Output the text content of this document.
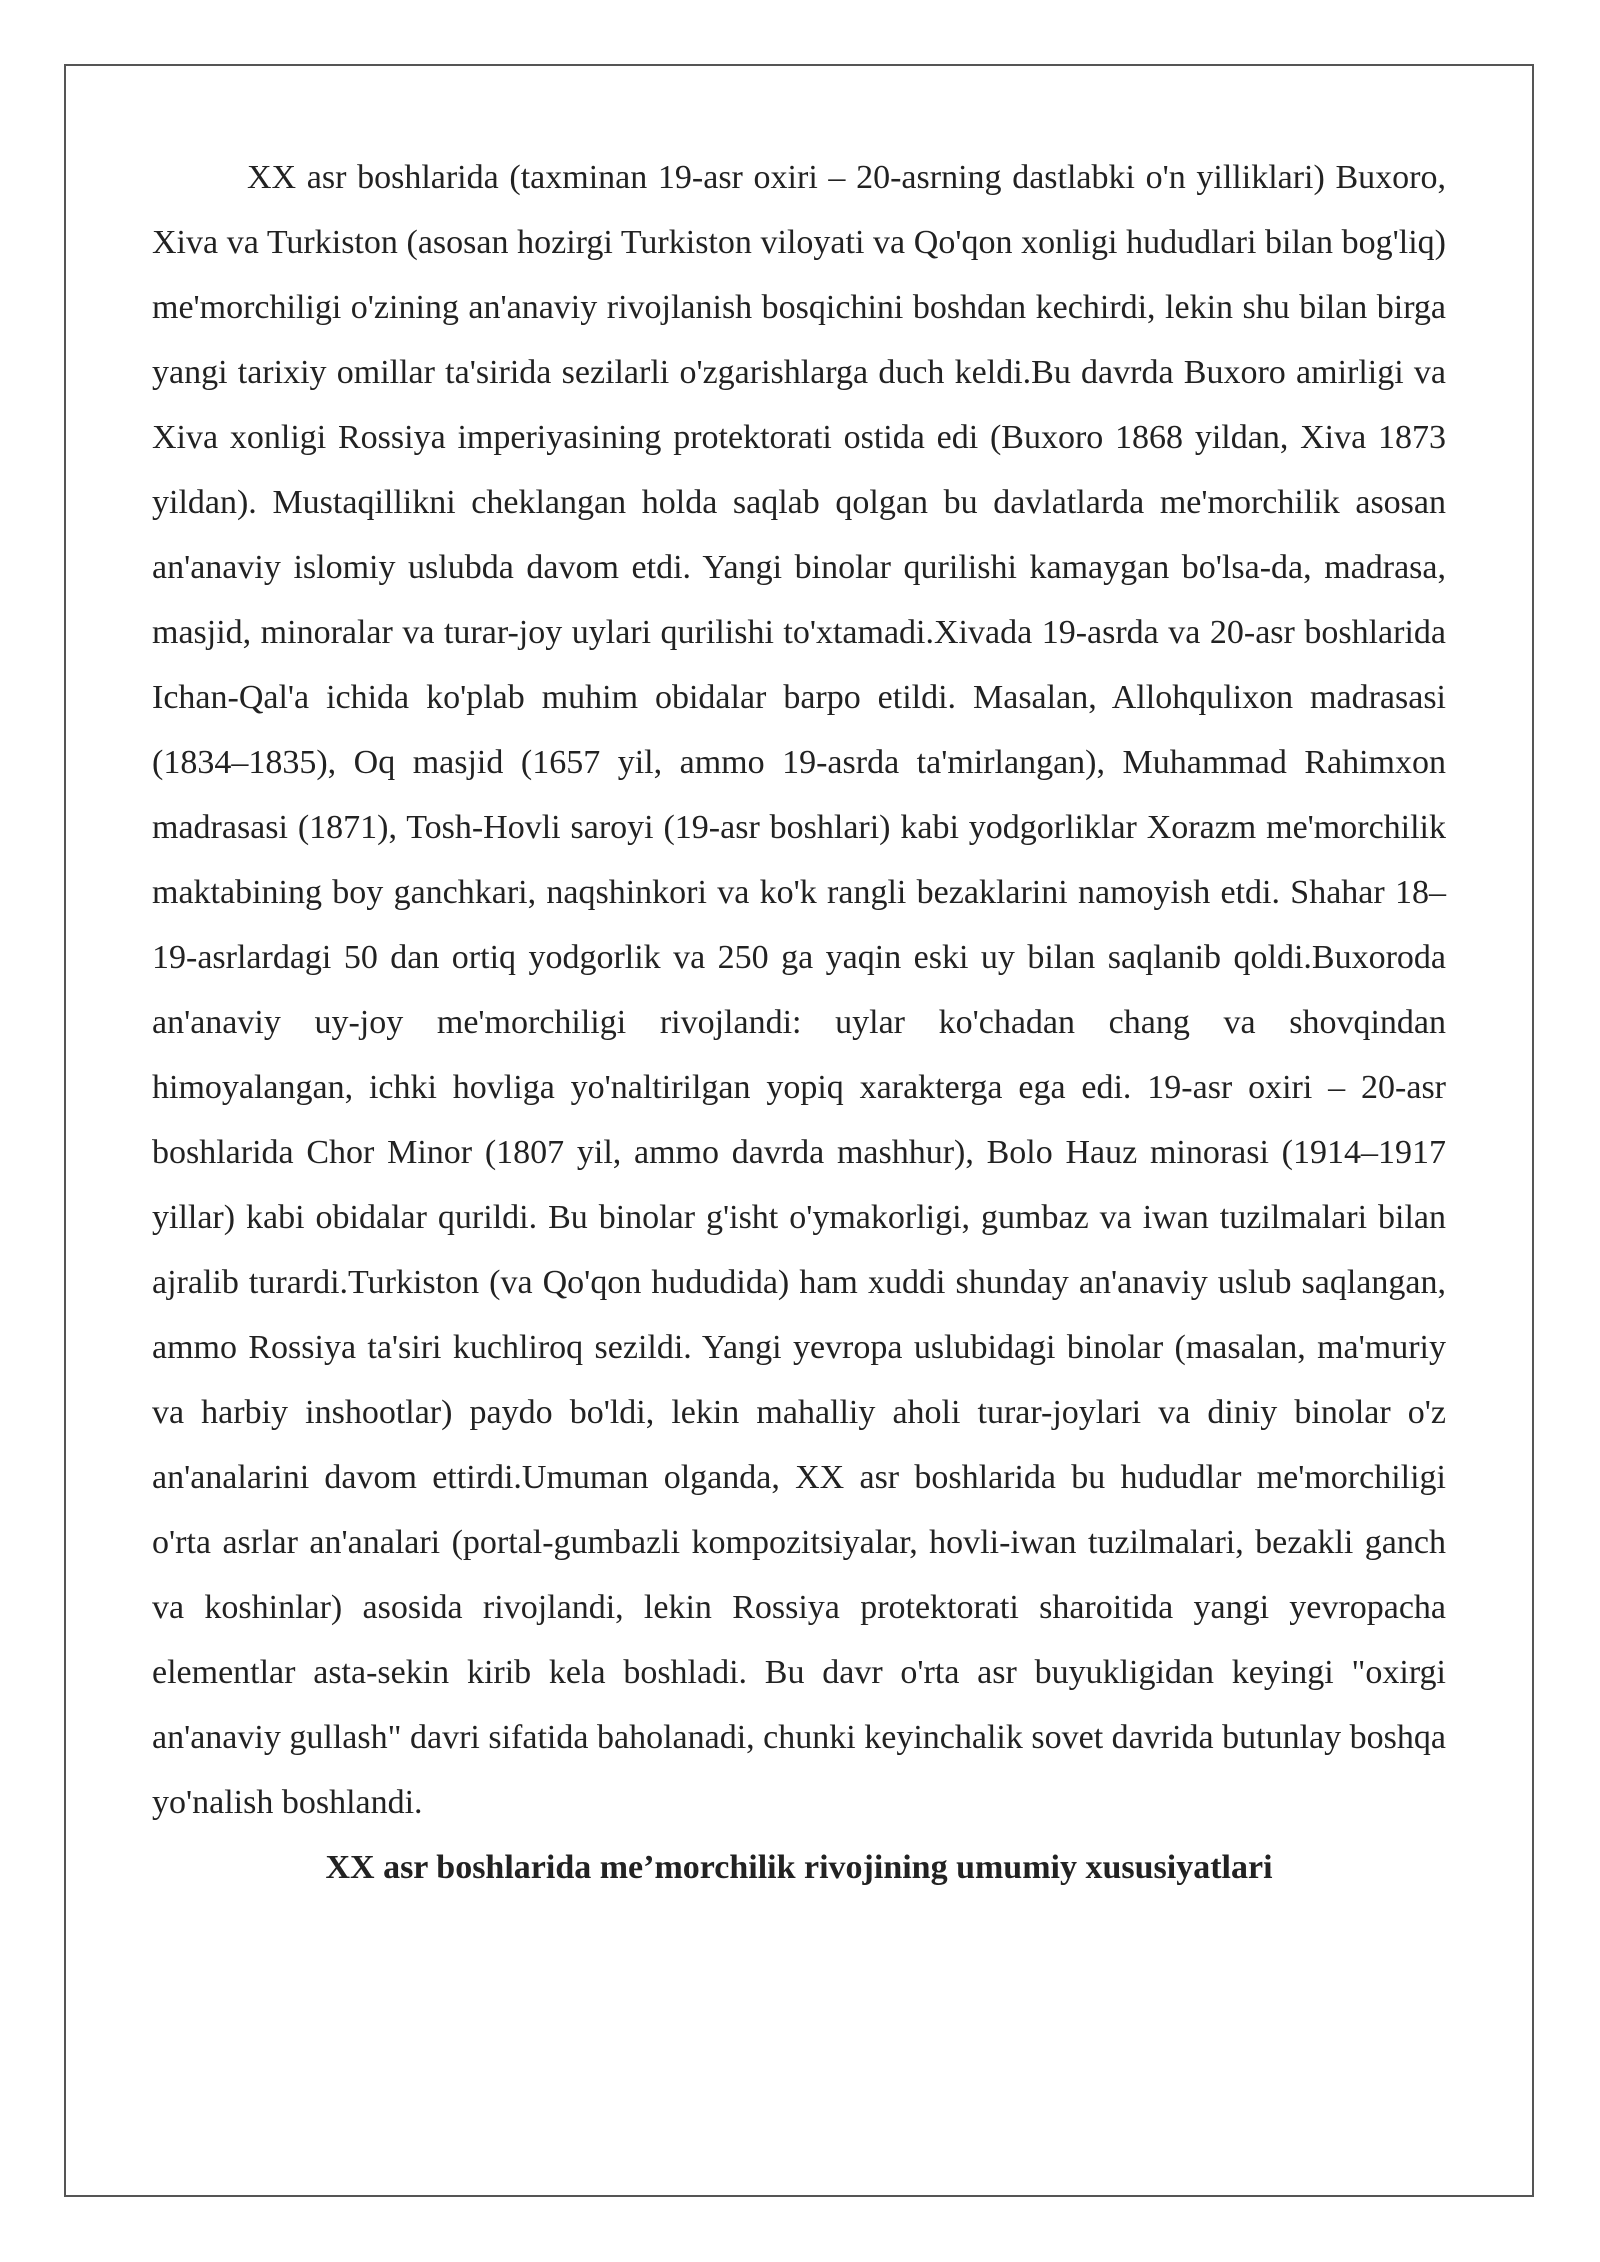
XX asr boshlarida (taxminan 19-asr oxiri – 20-asrning dastlabki o'n yilliklari) Buxoro, Xiva va Turkiston (asosan hozirgi Turkiston viloyati va Qo'qon xonligi hududlari bilan bog'liq) me'morchiligi o'zining an'anaviy rivojlanish bosqichini boshdan kechirdi, lekin shu bilan birga yangi tarixiy omillar ta'sirida sezilarli o'zgarishlarga duch keldi.Bu davrda Buxoro amirligi va Xiva xonligi Rossiya imperiyasining protektorati ostida edi (Buxoro 1868 yildan, Xiva 1873 yildan). Mustaqillikni cheklangan holda saqlab qolgan bu davlatlarda me'morchilik asosan an'anaviy islomiy uslubda davom etdi. Yangi binolar qurilishi kamaygan bo'lsa-da, madrasa, masjid, minoralar va turar-joy uylari qurilishi to'xtamadi.Xivada 19-asrda va 20-asr boshlarida Ichan-Qal'a ichida ko'plab muhim obidalar barpo etildi. Masalan, Allohqulixon madrasasi (1834–1835), Oq masjid (1657 yil, ammo 19-asrda ta'mirlangan), Muhammad Rahimxon madrasasi (1871), Tosh-Hovli saroyi (19-asr boshlari) kabi yodgorliklar Xorazm me'morchilik maktabining boy ganchkari, naqshinkori va ko'k rangli bezaklarini namoyish etdi. Shahar 18–19-asrlardagi 50 dan ortiq yodgorlik va 250 ga yaqin eski uy bilan saqlanib qoldi.Buxoroda an'anaviy uy-joy me'morchiligi rivojlandi: uylar ko'chadan chang va shovqindan himoyalangan, ichki hovliga yo'naltirilgan yopiq xarakterga ega edi. 19-asr oxiri – 20-asr boshlarida Chor Minor (1807 yil, ammo davrda mashhur), Bolo Hauz minorasi (1914–1917 yillar) kabi obidalar qurildi. Bu binolar g'isht o'ymakorligi, gumbaz va iwan tuzilmalari bilan ajralib turardi.Turkiston (va Qo'qon hududida) ham xuddi shunday an'anaviy uslub saqlangan, ammo Rossiya ta'siri kuchliroq sezildi. Yangi yevropa uslubidagi binolar (masalan, ma'muriy va harbiy inshootlar) paydo bo'ldi, lekin mahalliy aholi turar-joylari va diniy binolar o'z an'analarini davom ettirdi.Umuman olganda, XX asr boshlarida bu hududlar me'morchiligi o'rta asrlar an'analari (portal-gumbazli kompozitsiyalar, hovli-iwan tuzilmalari, bezakli ganch va koshinlar) asosida rivojlandi, lekin Rossiya protektorati sharoitida yangi yevropacha elementlar asta-sekin kirib kela boshladi. Bu davr o'rta asr buyukligidan keyingi "oxirgi an'anaviy gullash" davri sifatida baholanadi, chunki keyinchalik sovet davrida butunlay boshqa yo'nalish boshlandi.

XX asr boshlarida me’morchilik rivojining umumiy xususiyatlari
